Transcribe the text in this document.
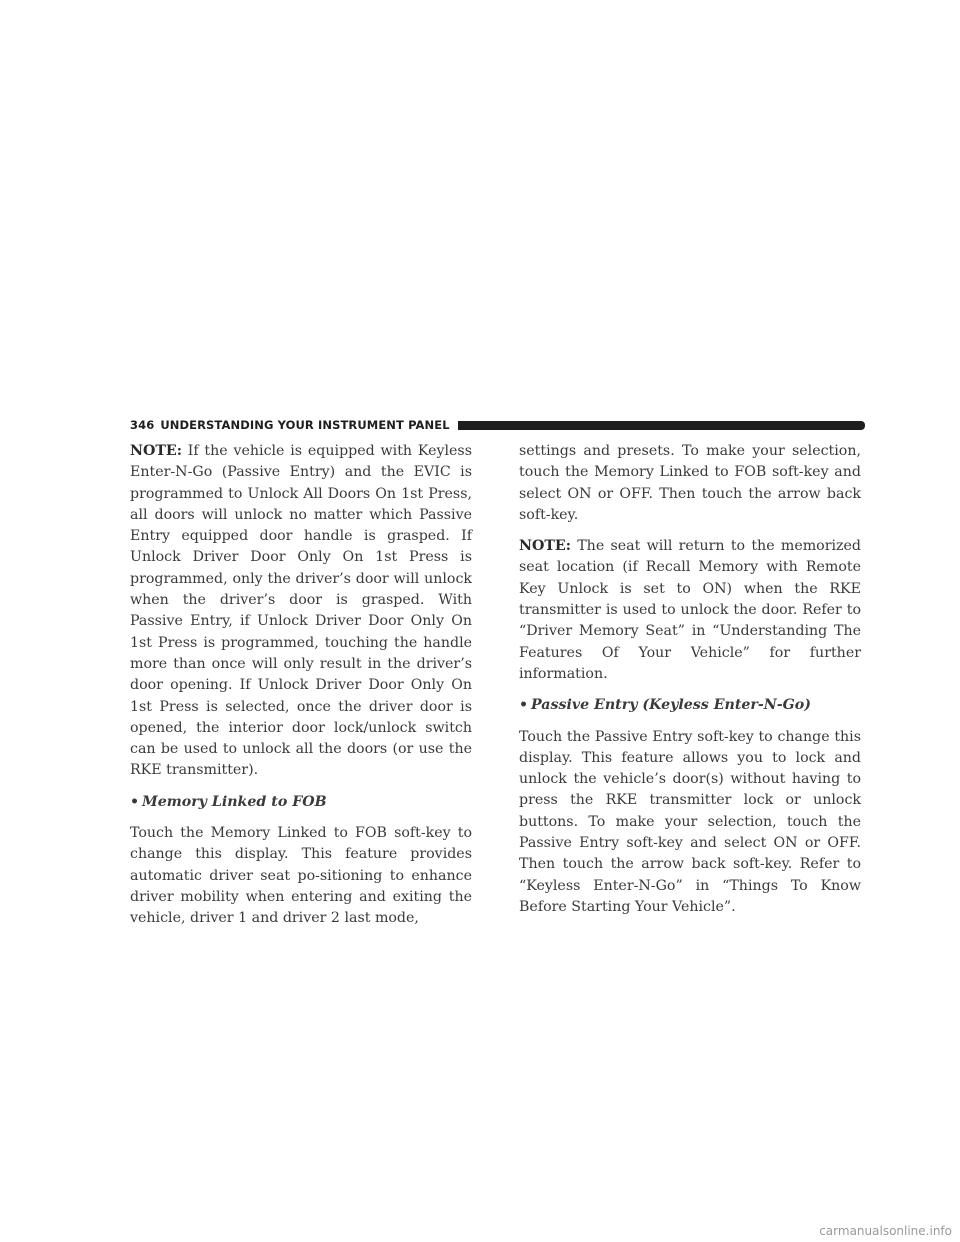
346 UNDERSTANDING YOUR INSTRUMENT PANEL

NOTE: If the vehicle is equipped with Keyless Enter-N-Go (Passive Entry) and the EVIC is programmed to Unlock All Doors On 1st Press, all doors will unlock no matter which Passive Entry equipped door handle is grasped. If Unlock Driver Door Only On 1st Press is programmed, only the driver’s door will unlock when the driver’s door is grasped. With Passive Entry, if Unlock Driver Door Only On 1st Press is programmed, touching the handle more than once will only result in the driver’s door opening. If Unlock Driver Door Only On 1st Press is selected, once the driver door is opened, the interior door lock/unlock switch can be used to unlock all the doors (or use the RKE transmitter).

• Memory Linked to FOB

Touch the Memory Linked to FOB soft-key to change this display. This feature provides automatic driver seat po-sitioning to enhance driver mobility when entering and exiting the vehicle, driver 1 and driver 2 last mode,

settings and presets. To make your selection, touch the Memory Linked to FOB soft-key and select ON or OFF. Then touch the arrow back soft-key.

NOTE: The seat will return to the memorized seat location (if Recall Memory with Remote Key Unlock is set to ON) when the RKE transmitter is used to unlock the door. Refer to “Driver Memory Seat” in “Understanding The Features Of Your Vehicle” for further information.

• Passive Entry (Keyless Enter-N-Go)

Touch the Passive Entry soft-key to change this display. This feature allows you to lock and unlock the vehicle’s door(s) without having to press the RKE transmitter lock or unlock buttons. To make your selection, touch the Passive Entry soft-key and select ON or OFF. Then touch the arrow back soft-key. Refer to “Keyless Enter-N-Go” in “Things To Know Before Starting Your Vehicle”.

carmanualsonline.info
